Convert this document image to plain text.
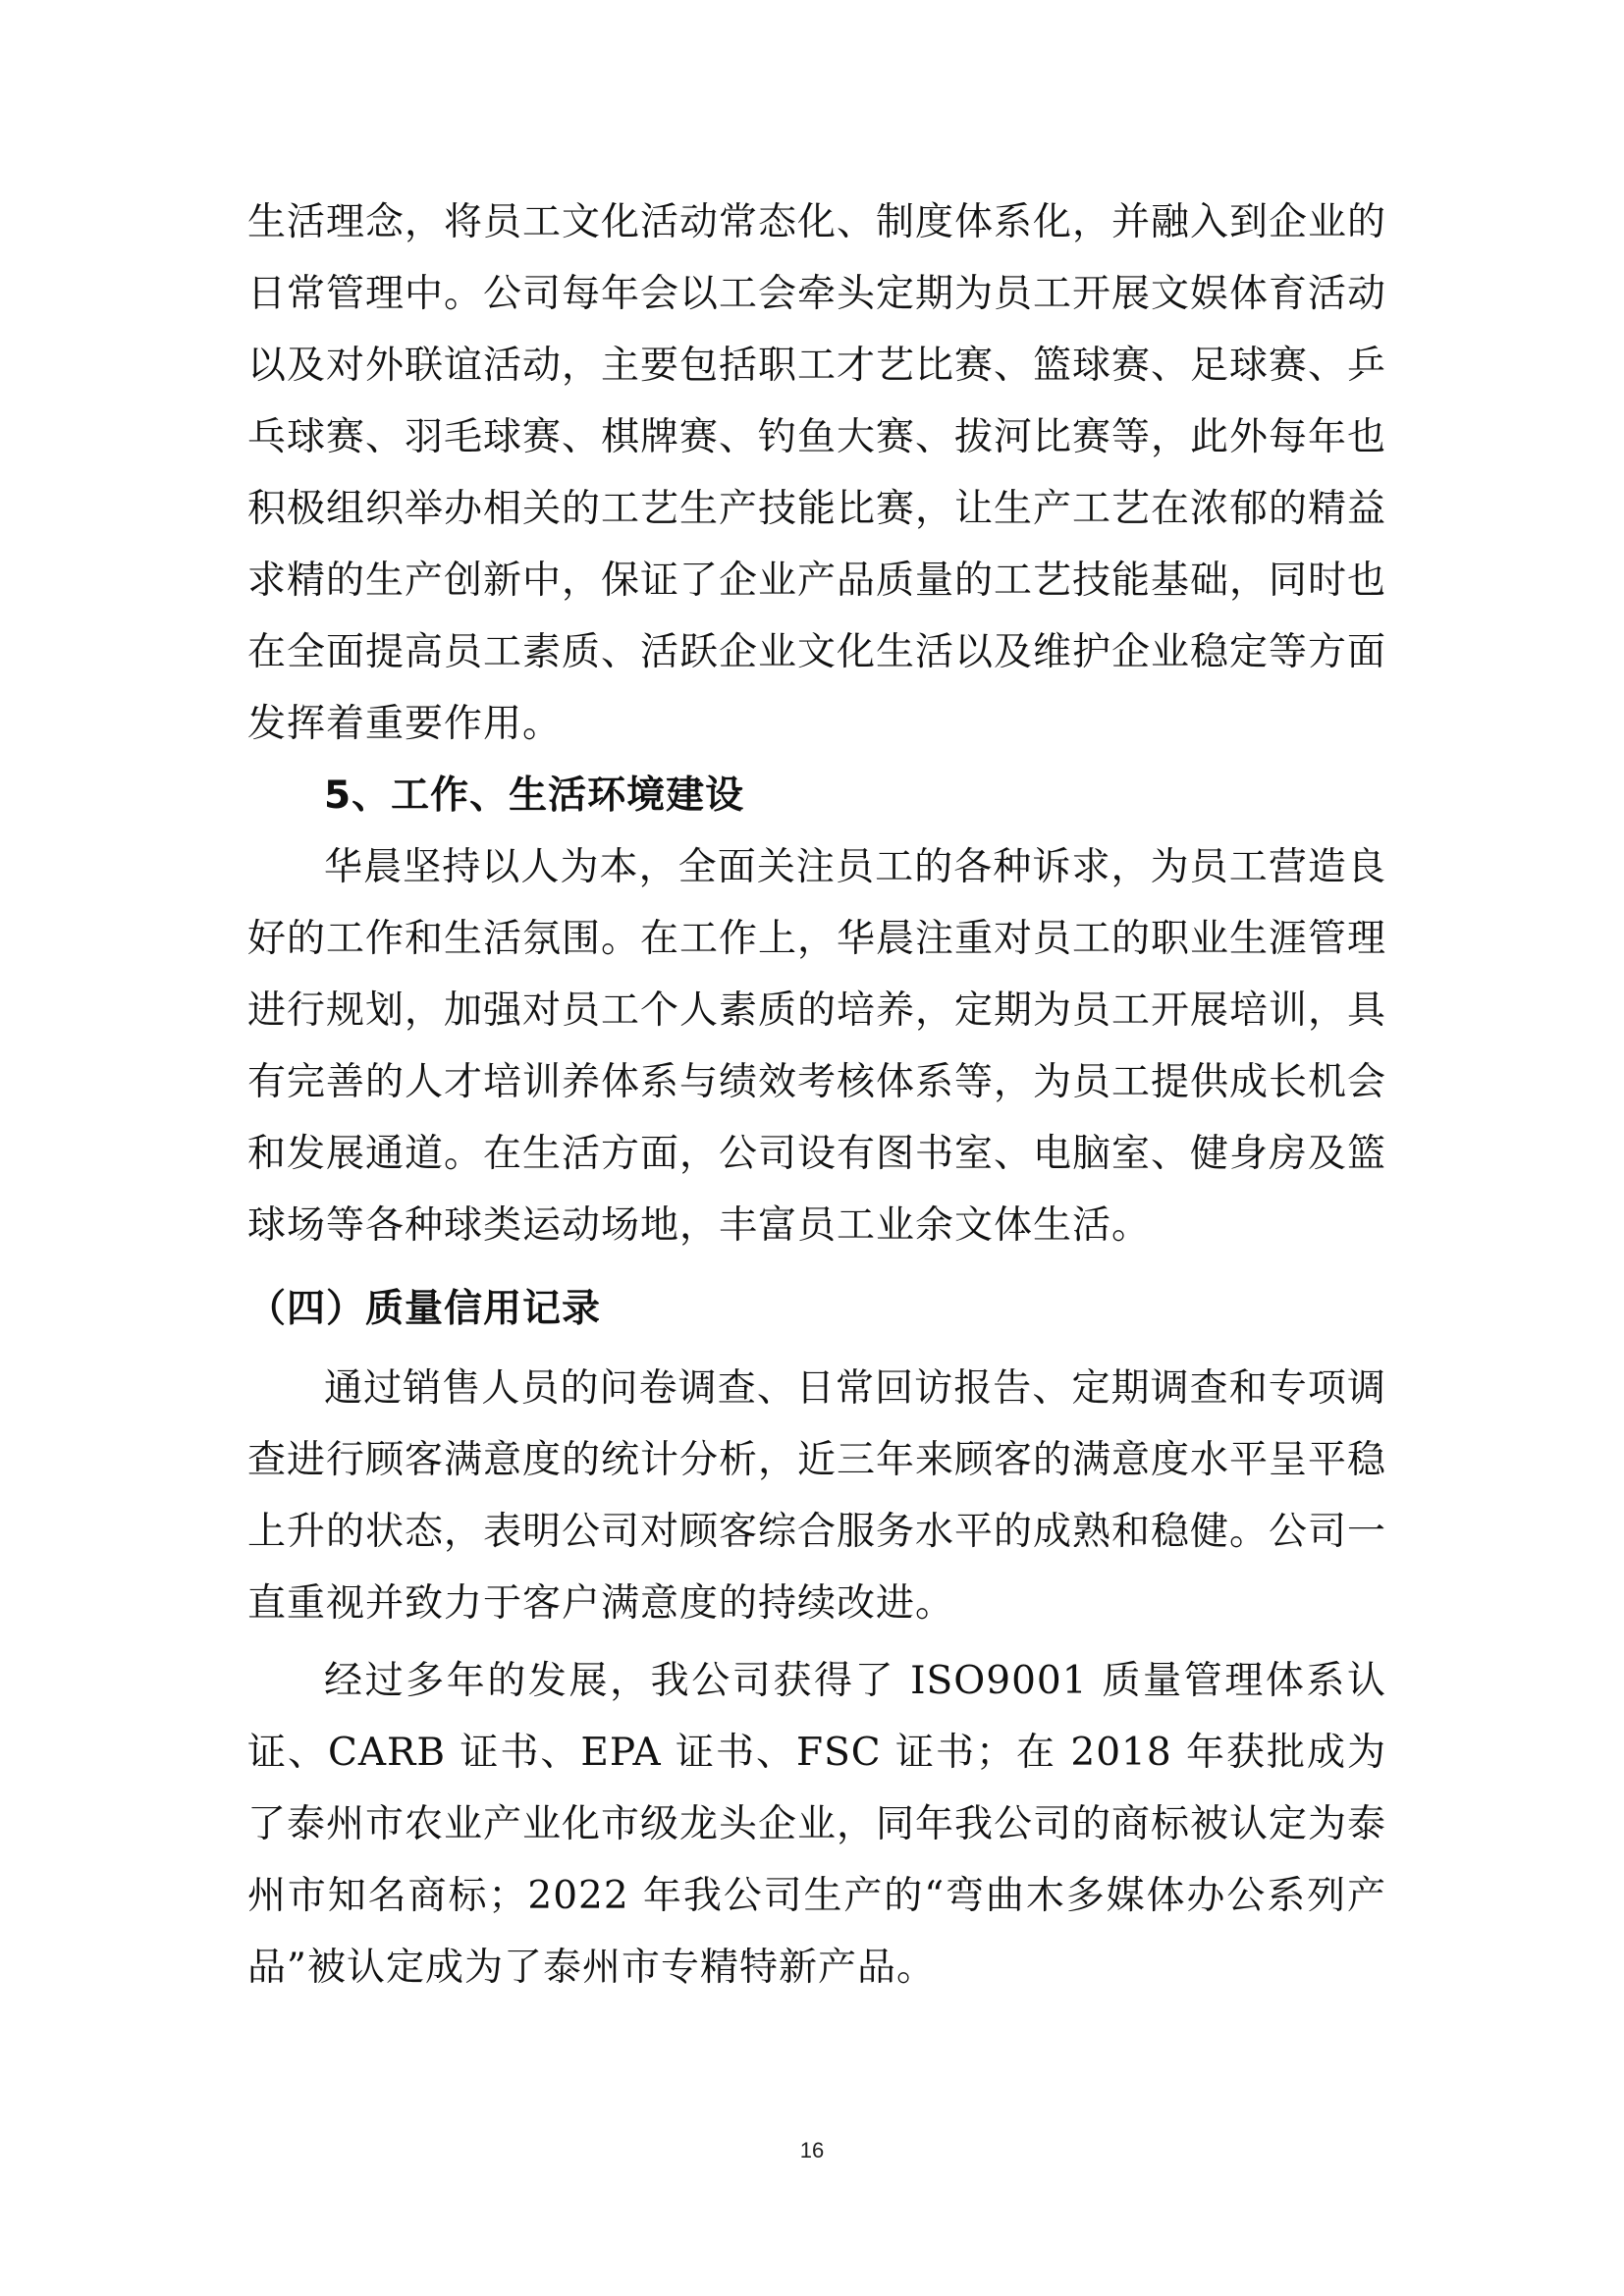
生活理念，将员工文化活动常态化、制度体系化，并融入到企业的日常管理中。公司每年会以工会牵头定期为员工开展文娱体育活动以及对外联谊活动，主要包括职工才艺比赛、篮球赛、足球赛、乒乓球赛、羽毛球赛、棋牌赛、钓鱼大赛、拔河比赛等，此外每年也积极组织举办相关的工艺生产技能比赛，让生产工艺在浓郁的精益求精的生产创新中，保证了企业产品质量的工艺技能基础，同时也在全面提高员工素质、活跃企业文化生活以及维护企业稳定等方面发挥着重要作用。

5、工作、生活环境建设

华晨坚持以人为本，全面关注员工的各种诉求，为员工营造良好的工作和生活氛围。在工作上，华晨注重对员工的职业生涯管理进行规划，加强对员工个人素质的培养，定期为员工开展培训，具有完善的人才培训养体系与绩效考核体系等，为员工提供成长机会和发展通道。在生活方面，公司设有图书室、电脑室、健身房及篮球场等各种球类运动场地，丰富员工业余文体生活。

（四）质量信用记录

通过销售人员的问卷调查、日常回访报告、定期调查和专项调查进行顾客满意度的统计分析，近三年来顾客的满意度水平呈平稳上升的状态，表明公司对顾客综合服务水平的成熟和稳健。公司一直重视并致力于客户满意度的持续改进。

经过多年的发展，我公司获得了 ISO9001 质量管理体系认证、CARB 证书、EPA 证书、FSC 证书；在 2018 年获批成为了泰州市农业产业化市级龙头企业，同年我公司的商标被认定为泰州市知名商标；2022 年我公司生产的“弯曲木多媒体办公系列产品”被认定成为了泰州市专精特新产品。

16
